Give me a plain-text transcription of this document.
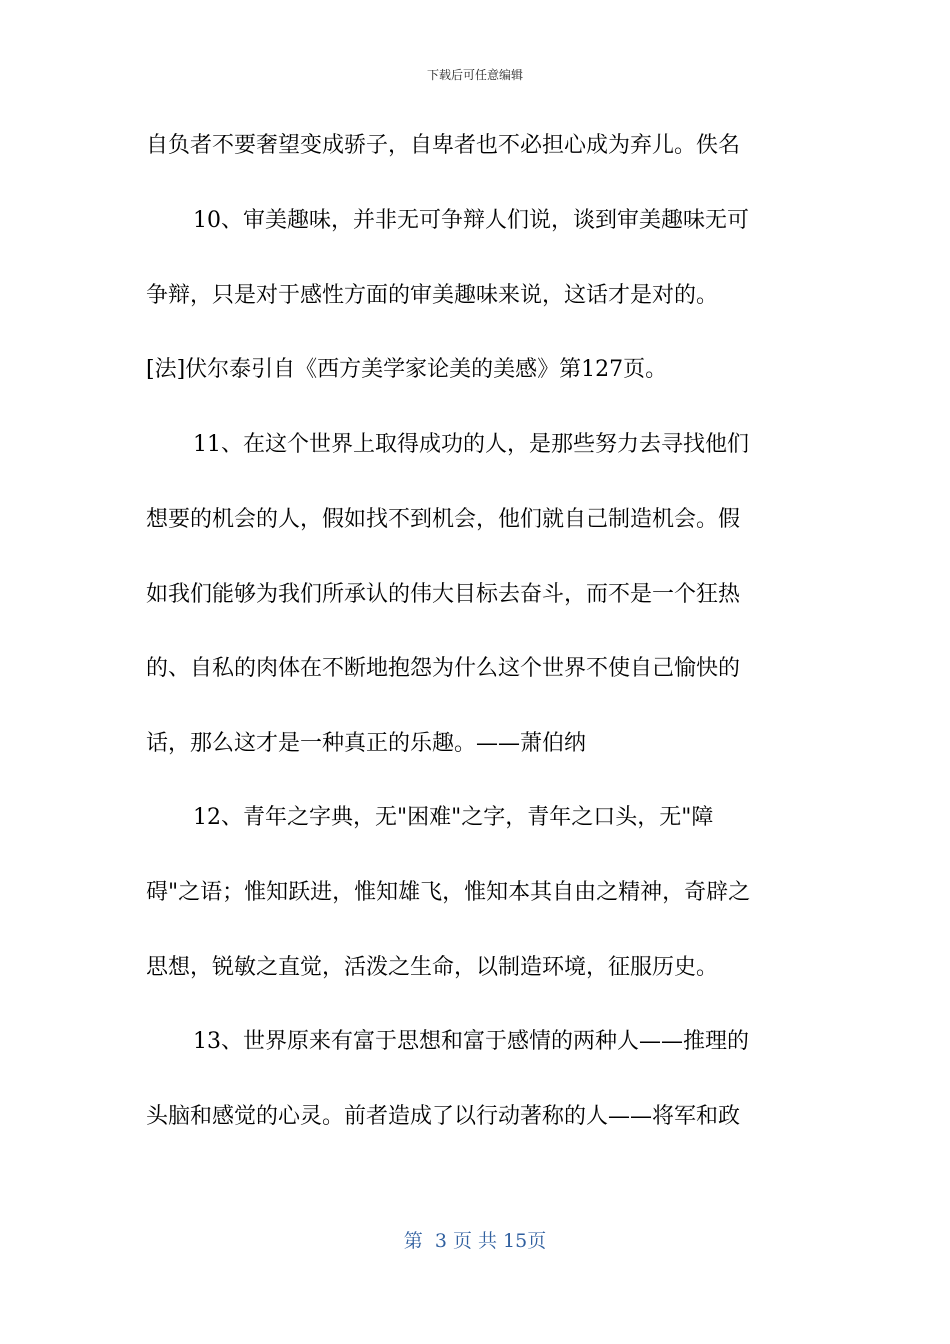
下载后可任意编辑
自负者不要奢望变成骄子，自卑者也不必担心成为弃儿。佚名
10、审美趣味，并非无可争辩人们说，谈到审美趣味无可
争辩，只是对于感性方面的审美趣味来说，这话才是对的。
[法]伏尔泰引自《西方美学家论美的美感》第127页。
11、在这个世界上取得成功的人，是那些努力去寻找他们
想要的机会的人，假如找不到机会，他们就自己制造机会。假
如我们能够为我们所承认的伟大目标去奋斗，而不是一个狂热
的、自私的肉体在不断地抱怨为什么这个世界不使自己愉快的
话，那么这才是一种真正的乐趣。——萧伯纳
12、青年之字典，无"困难"之字，青年之口头，无"障
碍"之语；惟知跃进，惟知雄飞，惟知本其自由之精神，奇辟之
思想，锐敏之直觉，活泼之生命，以制造环境，征服历史。
13、世界原来有富于思想和富于感情的两种人——推理的
头脑和感觉的心灵。前者造成了以行动著称的人——将军和政
第  3 页 共 15页
